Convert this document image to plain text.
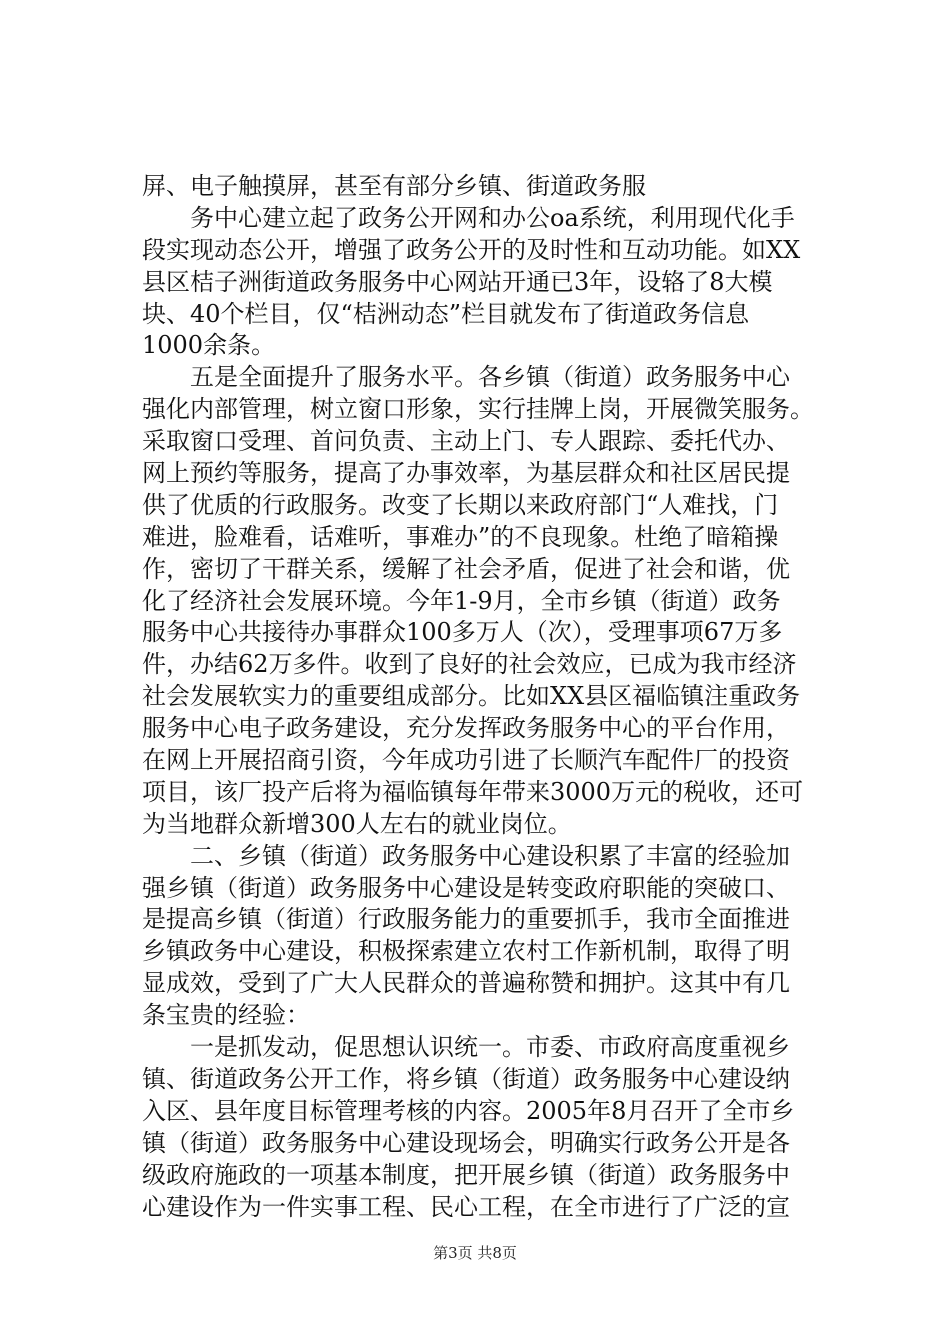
屏、电子触摸屏，甚至有部分乡镇、街道政务服
务中心建立起了政务公开网和办公oa系统，利用现代化手
段实现动态公开，增强了政务公开的及时性和互动功能。如XX
县区桔子洲街道政务服务中心网站开通已3年，设辂了8大模
块、40个栏目，仅“桔洲动态”栏目就发布了街道政务信息
1000余条。
五是全面提升了服务水平。各乡镇（街道）政务服务中心
强化内部管理，树立窗口形象，实行挂牌上岗，开展微笑服务。
采取窗口受理、首问负责、主动上门、专人跟踪、委托代办、
网上预约等服务，提高了办事效率，为基层群众和社区居民提
供了优质的行政服务。改变了长期以来政府部门“人难找，门
难进，脸难看，话难听，事难办”的不良现象。杜绝了暗箱操
作，密切了干群关系，缓解了社会矛盾，促进了社会和谐，优
化了经济社会发展环境。今年1-9月，全市乡镇（街道）政务
服务中心共接待办事群众100多万人（次），受理事项67万多
件，办结62万多件。收到了良好的社会效应，已成为我市经济
社会发展软实力的重要组成部分。比如XX县区福临镇注重政务
服务中心电子政务建设，充分发挥政务服务中心的平台作用，
在网上开展招商引资，今年成功引进了长顺汽车配件厂的投资
项目，该厂投产后将为福临镇每年带来3000万元的税收，还可
为当地群众新增300人左右的就业岗位。
二、乡镇（街道）政务服务中心建设积累了丰富的经验加
强乡镇（街道）政务服务中心建设是转变政府职能的突破口、
是提高乡镇（街道）行政服务能力的重要抓手，我市全面推进
乡镇政务中心建设，积极探索建立农村工作新机制，取得了明
显成效，受到了广大人民群众的普遍称赞和拥护。这其中有几
条宝贵的经验：
一是抓发动，促思想认识统一。市委、市政府高度重视乡
镇、街道政务公开工作，将乡镇（街道）政务服务中心建设纳
入区、县年度目标管理考核的内容。2005年8月召开了全市乡
镇（街道）政务服务中心建设现场会，明确实行政务公开是各
级政府施政的一项基本制度，把开展乡镇（街道）政务服务中
心建设作为一件实事工程、民心工程，在全市进行了广泛的宣
第3页 共8页
